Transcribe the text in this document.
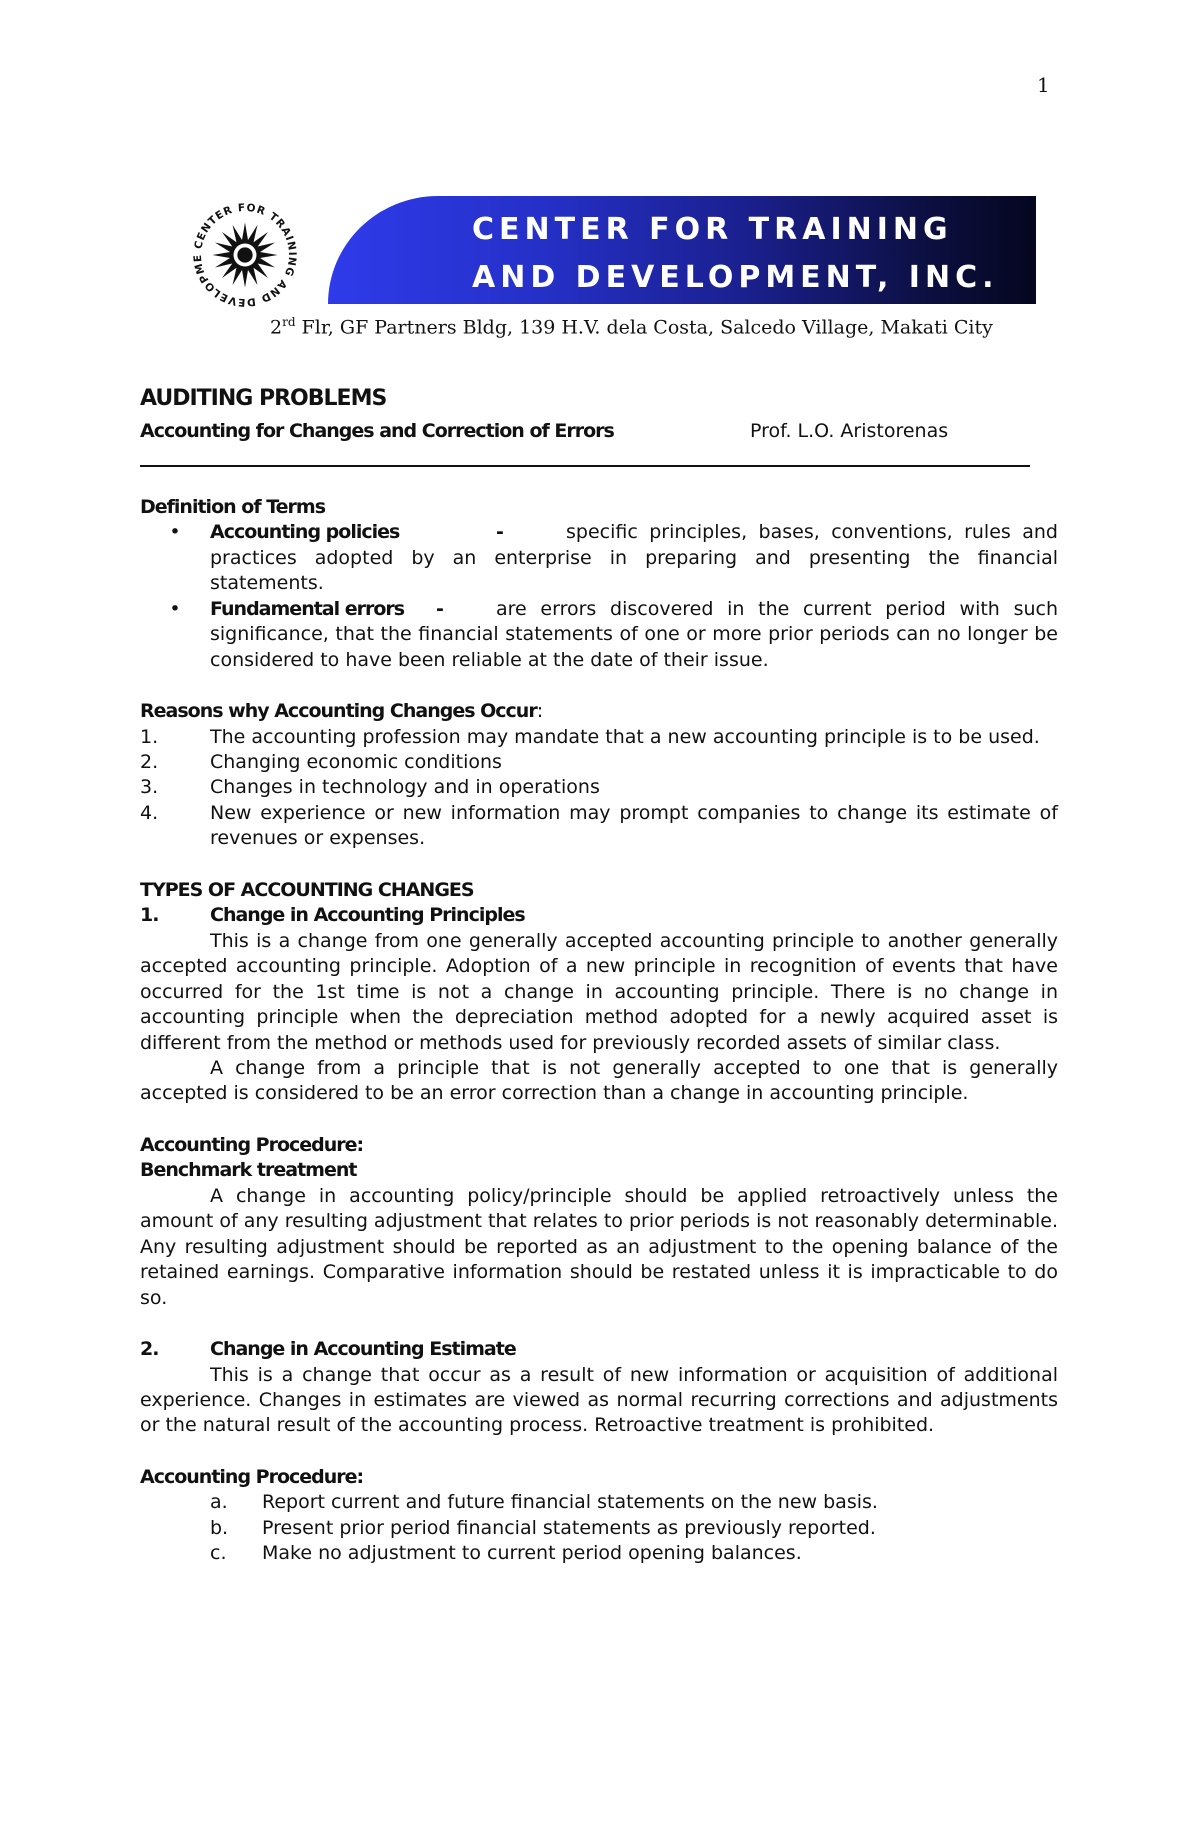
1
CENTER FOR TRAINING AND DEVELOPME
CENTER FOR TRAINING
AND DEVELOPMENT, INC.
2rd Flr, GF Partners Bldg, 139 H.V. dela Costa, Salcedo Village, Makati City
AUDITING PROBLEMS
Accounting for Changes and Correction of Errors	Prof. L.O. Aristorenas
Definition of Terms
•	Accounting policies	-	specific principles, bases, conventions, rules and practices adopted by an enterprise in preparing and presenting the financial statements.
•	Fundamental errors -	are errors discovered in the current period with such significance, that the financial statements of one or more prior periods can no longer be considered to have been reliable at the date of their issue.
Reasons why Accounting Changes Occur:
1.	The accounting profession may mandate that a new accounting principle is to be used.
2.	Changing economic conditions
3.	Changes in technology and in operations
4.	New experience or new information may prompt companies to change its estimate of revenues or expenses.
TYPES OF ACCOUNTING CHANGES
1.	Change in Accounting Principles
This is a change from one generally accepted accounting principle to another generally accepted accounting principle. Adoption of a new principle in recognition of events that have occurred for the 1st time is not a change in accounting principle. There is no change in accounting principle when the depreciation method adopted for a newly acquired asset is different from the method or methods used for previously recorded assets of similar class.
A change from a principle that is not generally accepted to one that is generally accepted is considered to be an error correction than a change in accounting principle.
Accounting Procedure:
Benchmark treatment
A change in accounting policy/principle should be applied retroactively unless the amount of any resulting adjustment that relates to prior periods is not reasonably determinable. Any resulting adjustment should be reported as an adjustment to the opening balance of the retained earnings. Comparative information should be restated unless it is impracticable to do so.
2.	Change in Accounting Estimate
This is a change that occur as a result of new information or acquisition of additional experience. Changes in estimates are viewed as normal recurring corrections and adjustments or the natural result of the accounting process. Retroactive treatment is prohibited.
Accounting Procedure:
a.	Report current and future financial statements on the new basis.
b.	Present prior period financial statements as previously reported.
c.	Make no adjustment to current period opening balances.
